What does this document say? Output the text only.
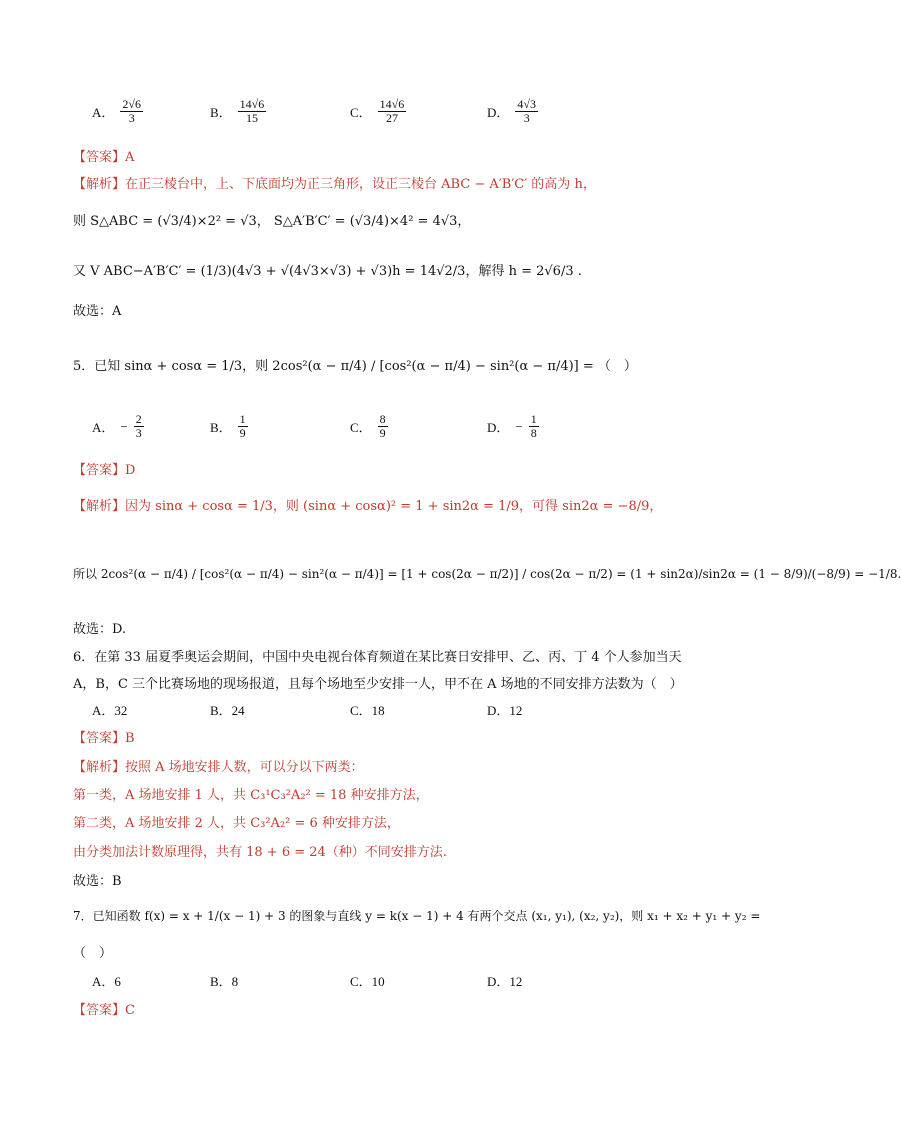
A． $\frac{2√6}{3}$	B． $\frac{14√6}{15}$	C． $\frac{14√6}{27}$	D． $\frac{4√3}{3}$
【答案】A
【解析】在正三棱台中，上、下底面均为正三角形，设正三棱台 ABC − A′B′C′ 的高为 h，
则 S△ABC = (√3/4)×2² = √3， S△A′B′C′ = (√3/4)×4² = 4√3，
又 V ABC−A′B′C′ = (1/3)(4√3 + √(4√3×√3) + √3)h = 14√2/3，解得 h = 2√6/3 .
故选：A
5．已知 sinα + cosα = 1/3，则 2cos²(α − π/4) / [cos²(α − π/4) − sin²(α − π/4)] = （　）
A． − $\frac{2}{3}$	B． $\frac{1}{9}$	C． $\frac{8}{9}$	D． − $\frac{1}{8}$
【答案】D
【解析】因为 sinα + cosα = 1/3，则 (sinα + cosα)² = 1 + sin2α = 1/9，可得 sin2α = −8/9，
所以 2cos²(α − π/4) / [cos²(α − π/4) − sin²(α − π/4)] = [1 + cos(2α − π/2)] / cos(2α − π/2) = (1 + sin2α)/sin2α = (1 − 8/9)/(−8/9) = −1/8.
故选：D.
6．在第 33 届夏季奥运会期间，中国中央电视台体育频道在某比赛日安排甲、乙、丙、丁 4 个人参加当天
A，B，C 三个比赛场地的现场报道，且每个场地至少安排一人，甲不在 A 场地的不同安排方法数为（　）
A．32	B．24	C．18	D．12
【答案】B
【解析】按照 A 场地安排人数，可以分以下两类：
第一类，A 场地安排 1 人，共 C₃¹C₃²A₂² = 18 种安排方法，
第二类，A 场地安排 2 人，共 C₃²A₂² = 6 种安排方法，
由分类加法计数原理得，共有 18 + 6 = 24（种）不同安排方法.
故选：B
7．已知函数 f(x) = x + 1/(x − 1) + 3 的图象与直线 y = k(x − 1) + 4 有两个交点 (x₁, y₁), (x₂, y₂)，则 x₁ + x₂ + y₁ + y₂ =
（　）
A．6	B．8	C．10	D．12
【答案】C
